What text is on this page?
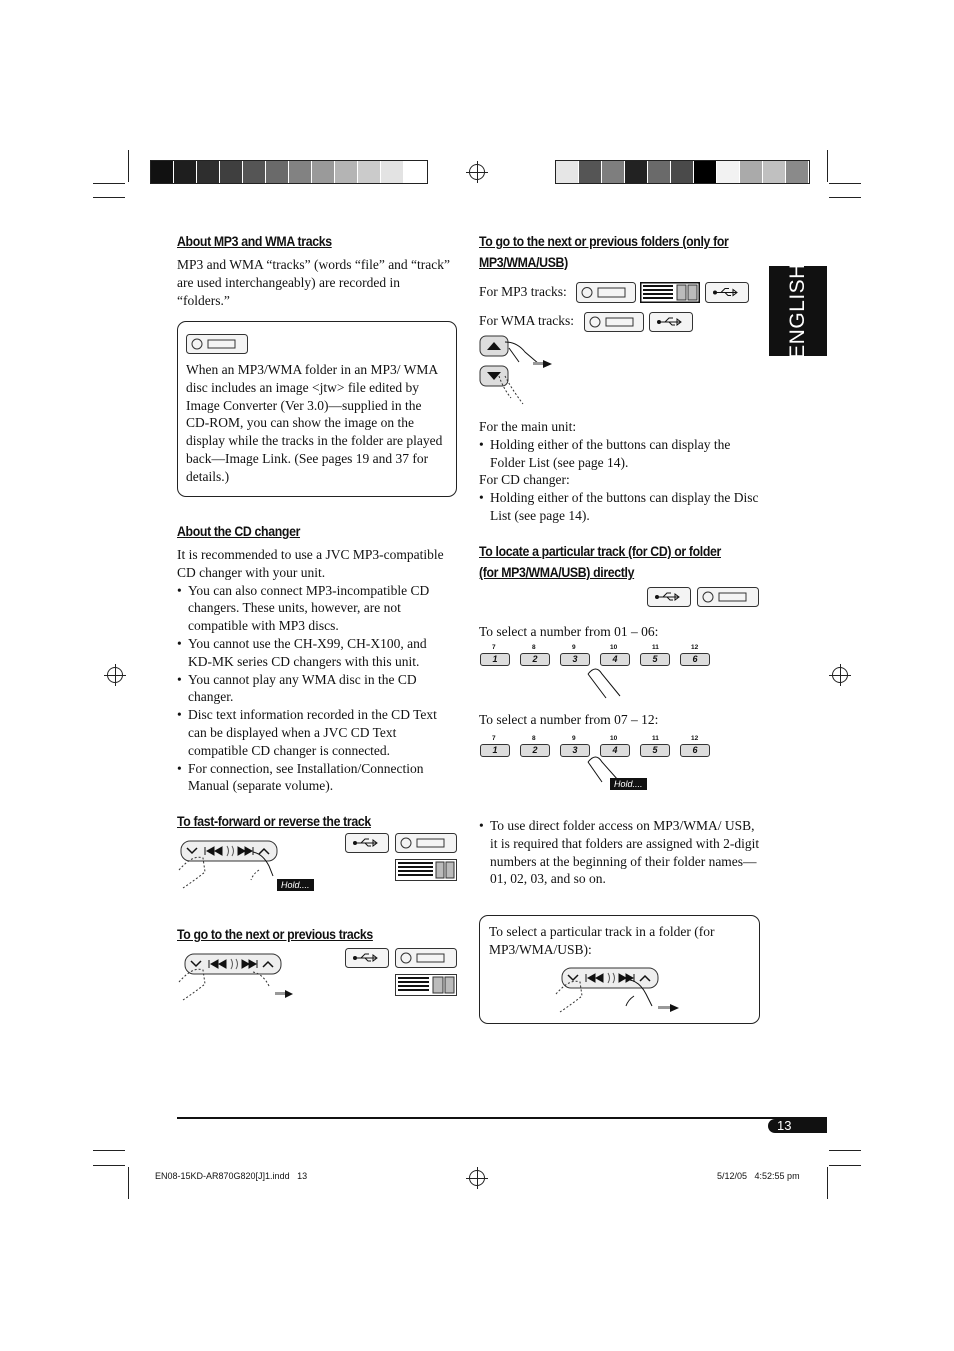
ENGLISH
About MP3 and WMA tracks
MP3 and WMA “tracks” (words “file” and “track” are used interchangeably) are recorded in “folders.”
When an MP3/WMA folder in an MP3/ WMA disc includes an image <jtw> file edited by Image Converter (Ver 3.0)—supplied in the CD-ROM, you can show the image on the display while the tracks in the folder are played back—Image Link. (See pages 19 and 37 for details.)
About the CD changer
It is recommended to use a JVC MP3-compatible CD changer with your unit.
• You can also connect MP3-incompatible CD changers. These units, however, are not compatible with MP3 discs.
• You cannot use the CH-X99, CH-X100, and KD-MK series CD changers with this unit.
• You cannot play any WMA disc in the CD changer.
• Disc text information recorded in the CD Text can be displayed when a JVC CD Text compatible CD changer is connected.
• For connection, see Installation/Connection Manual (separate volume).
To fast-forward or reverse the track
Hold....
To go to the next or previous tracks
To go to the next or previous folders (only for
MP3/WMA/USB)
For MP3 tracks:
For WMA tracks:
For the main unit:
• Holding either of the buttons can display the Folder List (see page 14).
For CD changer:
• Holding either of the buttons can display the Disc List (see page 14).
To locate a particular track (for CD) or folder
(for MP3/WMA/USB) directly
To select a number from 01 – 06:
7	8	9	10	11	12
1	2	3	4	5	6
To select a number from 07 – 12:
7	8	9	10	11	12
1	2	3	4	5	6
Hold....
• To use direct folder access on MP3/WMA/ USB, it is required that folders are assigned with 2-digit numbers at the beginning of their folder names—01, 02, 03, and so on.
To select a particular track in a folder (for MP3/WMA/USB):
13
EN08-15KD-AR870G820[J]1.indd   13	5/12/05   4:52:55 pm
